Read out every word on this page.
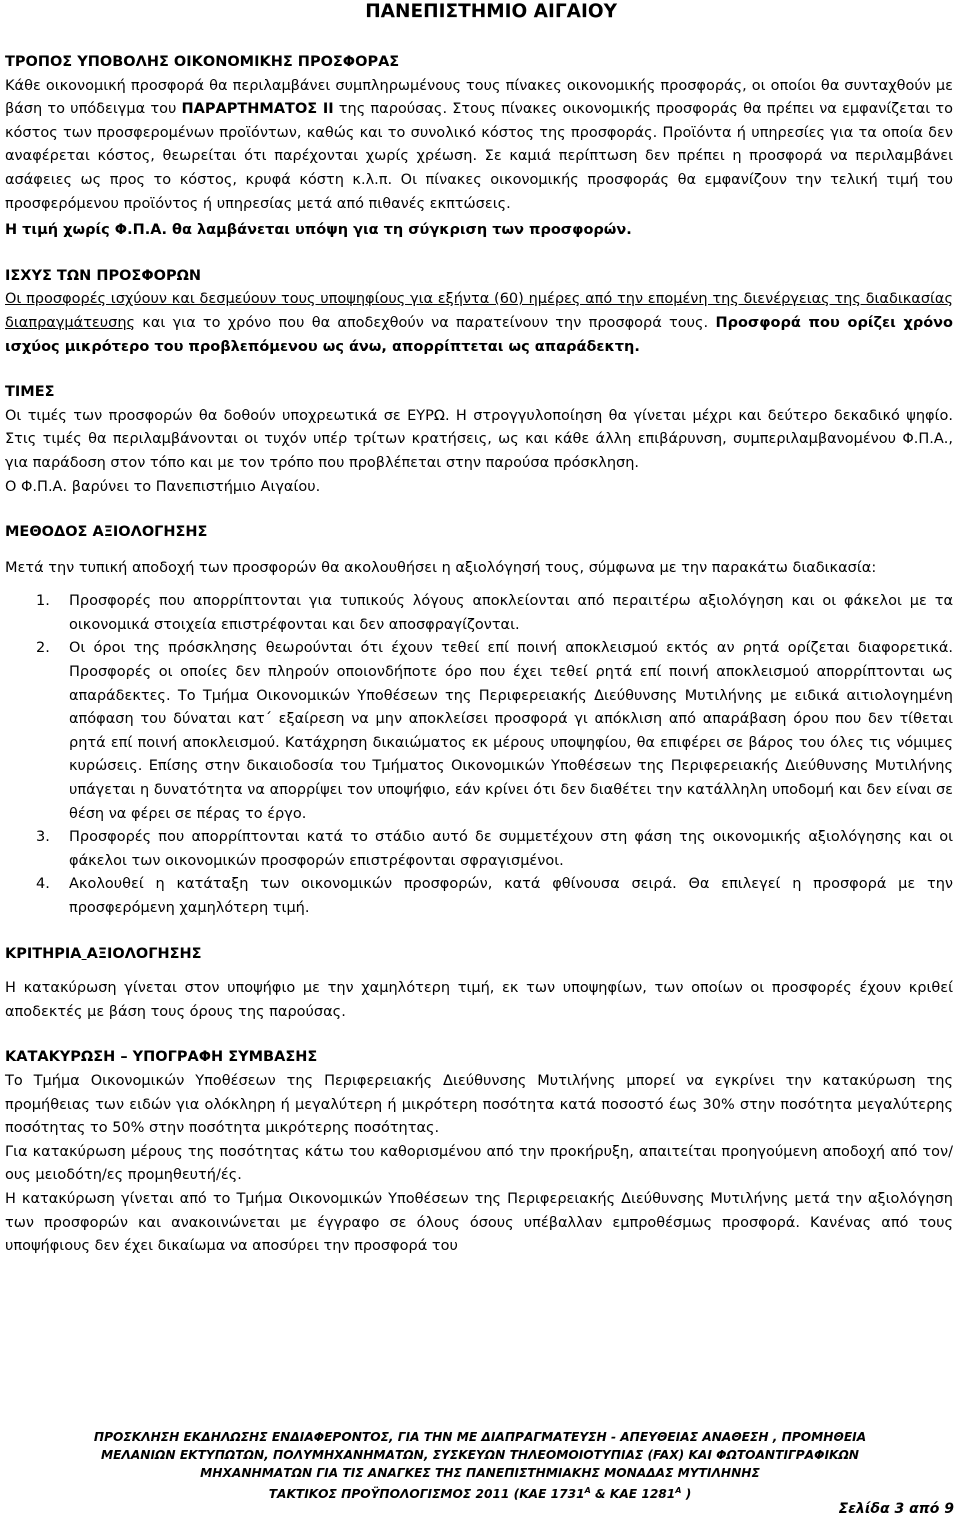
ΠΑΝΕΠΙΣΤΗΜΙΟ ΑΙΓΑΙΟΥ
ΤΡΟΠΟΣ ΥΠΟΒΟΛΗΣ ΟΙΚΟΝΟΜΙΚΗΣ ΠΡΟΣΦΟΡΑΣ

Κάθε οικονομική προσφορά θα περιλαμβάνει συμπληρωμένους τους πίνακες οικονομικής προσφοράς, οι οποίοι θα συνταχθούν με βάση το υπόδειγμα του ΠΑΡΑΡΤΗΜΑΤΟΣ ΙΙ της παρούσας. Στους πίνακες οικονομικής προσφοράς θα πρέπει να εμφανίζεται το κόστος των προσφερομένων προϊόντων, καθώς και το συνολικό κόστος της προσφοράς. Προϊόντα ή υπηρεσίες για τα οποία δεν αναφέρεται κόστος, θεωρείται ότι παρέχονται χωρίς χρέωση. Σε καμιά περίπτωση δεν πρέπει η προσφορά να περιλαμβάνει ασάφειες ως προς το κόστος, κρυφά κόστη κ.λ.π. Οι πίνακες οικονομικής προσφοράς θα εμφανίζουν την τελική τιμή του προσφερόμενου προϊόντος ή υπηρεσίας μετά από πιθανές εκπτώσεις.

Η τιμή χωρίς Φ.Π.Α. θα λαμβάνεται υπόψη για τη σύγκριση των προσφορών.

ΙΣΧΥΣ ΤΩΝ ΠΡΟΣΦΟΡΩΝ

Οι προσφορές ισχύουν και δεσμεύουν τους υποψηφίους για εξήντα (60) ημέρες από την επομένη της διενέργειας της διαδικασίας διαπραγμάτευσης και για το χρόνο που θα αποδεχθούν να παρατείνουν την προσφορά τους. Προσφορά που ορίζει χρόνο ισχύος μικρότερο του προβλεπόμενου ως άνω, απορρίπτεται ως απαράδεκτη.

ΤΙΜΕΣ

Οι τιμές των προσφορών θα δοθούν υποχρεωτικά σε ΕΥΡΩ. Η στρογγυλοποίηση θα γίνεται μέχρι και δεύτερο δεκαδικό ψηφίο. Στις τιμές θα περιλαμβάνονται οι τυχόν υπέρ τρίτων κρατήσεις, ως και κάθε άλλη επιβάρυνση, συμπεριλαμβανομένου Φ.Π.Α., για παράδοση στον τόπο και με τον τρόπο που προβλέπεται στην παρούσα πρόσκληση.

Ο Φ.Π.Α. βαρύνει το Πανεπιστήμιο Αιγαίου.

ΜΕΘΟΔΟΣ ΑΞΙΟΛΟΓΗΣΗΣ

Μετά την τυπική αποδοχή των προσφορών θα ακολουθήσει η αξιολόγησή τους, σύμφωνα με την παρακάτω διαδικασία:

1. Προσφορές που απορρίπτονται για τυπικούς λόγους αποκλείονται από περαιτέρω αξιολόγηση και οι φάκελοι με τα οικονομικά στοιχεία επιστρέφονται και δεν αποσφραγίζονται.
2. Οι όροι της πρόσκλησης θεωρούνται ότι έχουν τεθεί επί ποινή αποκλεισμού εκτός αν ρητά ορίζεται διαφορετικά. Προσφορές οι οποίες δεν πληρούν οποιονδήποτε όρο που έχει τεθεί ρητά επί ποινή αποκλεισμού απορρίπτονται ως απαράδεκτες. Το Τμήμα Οικονομικών Υποθέσεων της Περιφερειακής Διεύθυνσης Μυτιλήνης με ειδικά αιτιολογημένη απόφαση του δύναται κατ΄ εξαίρεση να μην αποκλείσει προσφορά γι απόκλιση από απαράβαση όρου που δεν τίθεται ρητά επί ποινή αποκλεισμού. Κατάχρηση δικαιώματος εκ μέρους υποψηφίου, θα επιφέρει σε βάρος του όλες τις νόμιμες κυρώσεις. Επίσης στην δικαιοδοσία του Τμήματος Οικονομικών Υποθέσεων της Περιφερειακής Διεύθυνσης Μυτιλήνης υπάγεται η δυνατότητα να απορρίψει τον υποψήφιο, εάν κρίνει ότι δεν διαθέτει την κατάλληλη υποδομή και δεν είναι σε θέση να φέρει σε πέρας το έργο.
3. Προσφορές που απορρίπτονται κατά το στάδιο αυτό δε συμμετέχουν στη φάση της οικονομικής αξιολόγησης και οι φάκελοι των οικονομικών προσφορών επιστρέφονται σφραγισμένοι.
4. Ακολουθεί η κατάταξη των οικονομικών προσφορών, κατά φθίνουσα σειρά. Θα επιλεγεί η προσφορά με την προσφερόμενη χαμηλότερη τιμή.
ΚΡΙΤΗΡΙΑ ΑΞΙΟΛΟΓΗΣΗΣ

Η κατακύρωση γίνεται στον υποψήφιο με την χαμηλότερη τιμή, εκ των υποψηφίων, των οποίων οι προσφορές έχουν κριθεί αποδεκτές με βάση τους όρους της παρούσας.

ΚΑΤΑΚΥΡΩΣΗ – ΥΠΟΓΡΑΦΗ ΣΥΜΒΑΣΗΣ

Το Τμήμα Οικονομικών Υποθέσεων της Περιφερειακής Διεύθυνσης Μυτιλήνης μπορεί να εγκρίνει την κατακύρωση της προμήθειας των ειδών για ολόκληρη ή μεγαλύτερη ή μικρότερη ποσότητα κατά ποσοστό έως 30% στην ποσότητα μεγαλύτερης ποσότητας το 50% στην ποσότητα μικρότερης ποσότητας.

Για κατακύρωση μέρους της ποσότητας κάτω του καθορισμένου από την προκήρυξη, απαιτείται προηγούμενη αποδοχή από τον/ους μειοδότη/ες προμηθευτή/ές.

Η κατακύρωση γίνεται από το Τμήμα Οικονομικών Υποθέσεων της Περιφερειακής Διεύθυνσης Μυτιλήνης μετά την αξιολόγηση των προσφορών και ανακοινώνεται με έγγραφο σε όλους όσους υπέβαλλαν εμπροθέσμως προσφορά. Κανένας από τους υποψήφιους δεν έχει δικαίωμα να αποσύρει την προσφορά του

ΠΡΟΣΚΛΗΣΗ ΕΚΔΗΛΩΣΗΣ ΕΝΔΙΑΦΕΡΟΝΤΟΣ, ΓΙΑ ΤΗΝ ΜΕ ΔΙΑΠΡΑΓΜΑΤΕΥΣΗ - ΑΠΕΥΘΕΙΑΣ ΑΝΑΘΕΣΗ , ΠΡΟΜΗΘΕΙΑ
ΜΕΛΑΝΙΩΝ ΕΚΤΥΠΩΤΩΝ, ΠΟΛΥΜΗΧΑΝΗΜΑΤΩΝ, ΣΥΣΚΕΥΩΝ ΤΗΛΕΟΜΟΙΟΤΥΠΙΑΣ (FAX) ΚΑΙ ΦΩΤΟΑΝΤΙΓΡΑΦΙΚΩΝ
ΜΗΧΑΝΗΜΑΤΩΝ ΓΙΑ ΤΙΣ ΑΝΑΓΚΕΣ ΤΗΣ ΠΑΝΕΠΙΣΤΗΜΙΑΚΗΣ ΜΟΝΑΔΑΣ ΜΥΤΙΛΗΝΗΣ
ΤΑΚΤΙΚΟΣ ΠΡΟΫΠΟΛΟΓΙΣΜΟΣ 2011 (ΚΑΕ $1731^A$ & ΚΑΕ $1281^A$ )
Σελίδα 3 από 9
